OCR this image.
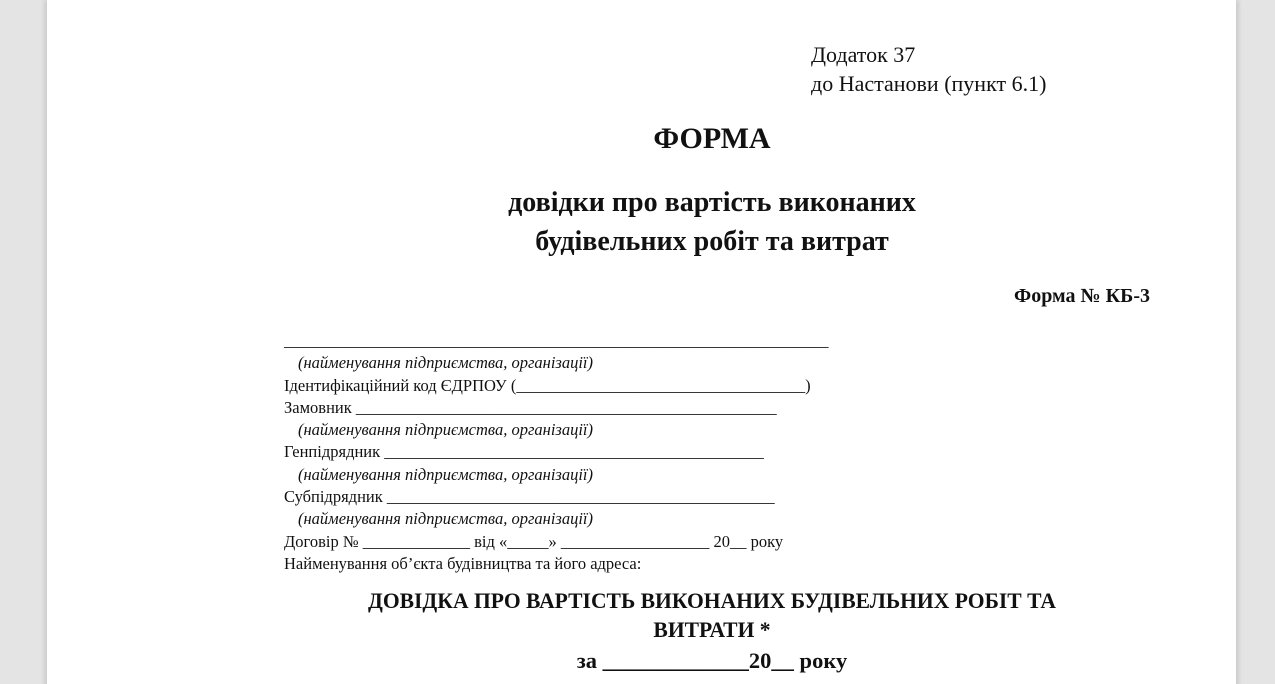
Додаток 37
до Настанови (пункт 6.1)
ФОРМА
довідки про вартість виконаних
будівельних робіт та витрат
Форма № КБ-3
__________________________________________________________________
(найменування підприємства, організації)
Ідентифікаційний код ЄДРПОУ (___________________________________)
Замовник ___________________________________________________
(найменування підприємства, організації)
Генпідрядник ______________________________________________
(найменування підприємства, організації)
Субпідрядник _______________________________________________
(найменування підприємства, організації)
Договір № _____________ від «_____» __________________ 20__ року
Найменування об’єкта будівництва та його адреса:
ДОВІДКА ПРО ВАРТІСТЬ ВИКОНАНИХ БУДІВЕЛЬНИХ РОБІТ ТА
ВИТРАТИ *
за _____________20__ року
